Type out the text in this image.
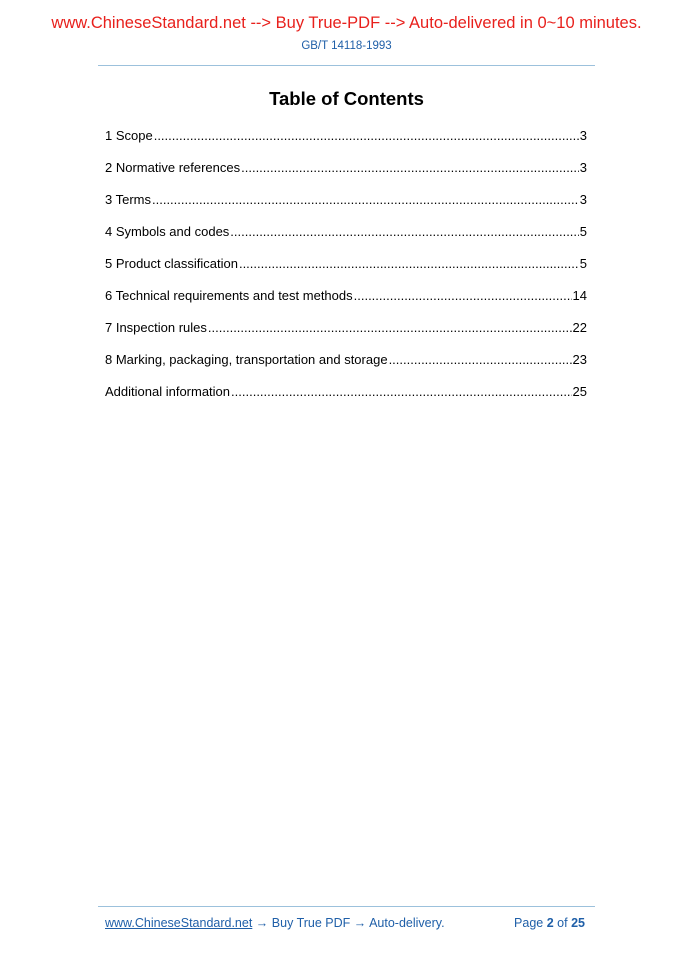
www.ChineseStandard.net --> Buy True-PDF --> Auto-delivered in 0~10 minutes.
GB/T 14118-1993
Table of Contents
1 Scope .....	3
2 Normative references .....	3
3 Terms .....	3
4 Symbols and codes .....	5
5 Product classification .....	5
6 Technical requirements and test methods .....	14
7 Inspection rules .....	22
8 Marking, packaging, transportation and storage .....	23
Additional information .....	25
www.ChineseStandard.net → Buy True PDF → Auto-delivery.	Page 2 of 25
